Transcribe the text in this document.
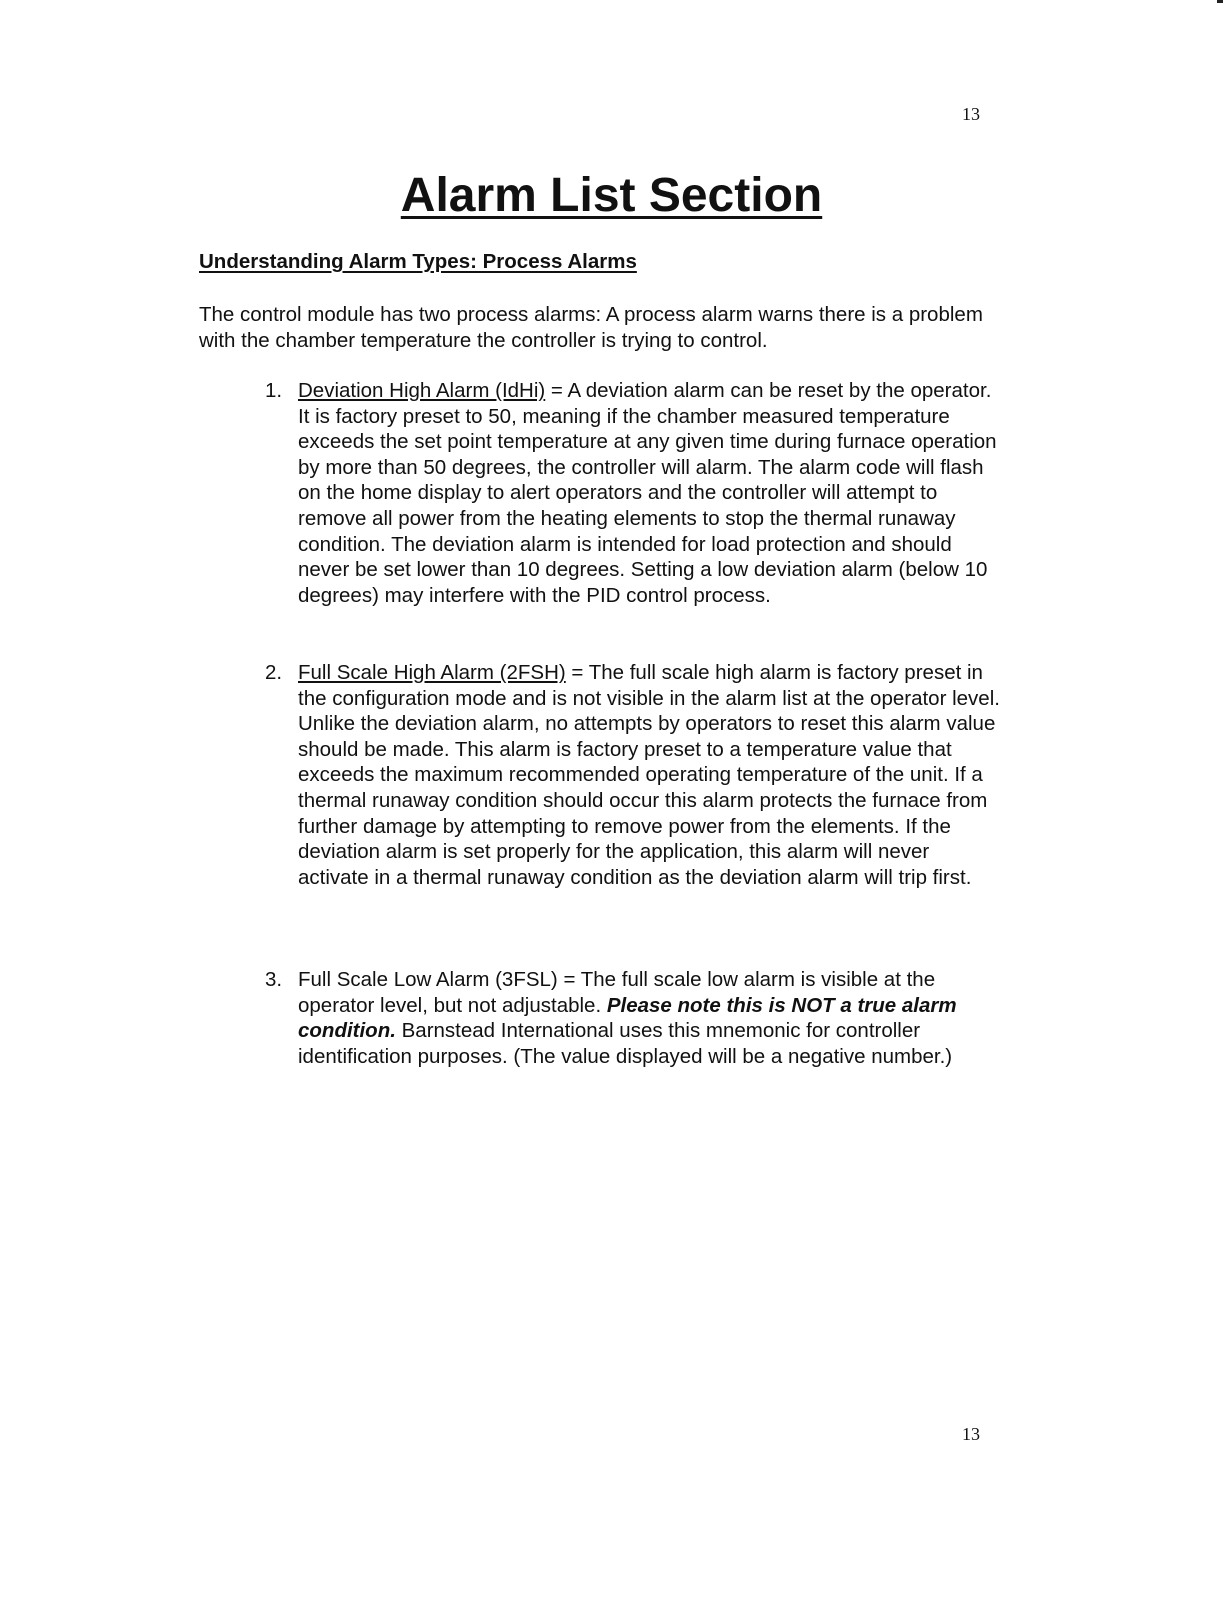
13
Alarm List Section
Understanding Alarm Types: Process Alarms

The control module has two process alarms: A process alarm warns there is a problem with the chamber temperature the controller is trying to control.

1. Deviation High Alarm (IdHi) = A deviation alarm can be reset by the operator. It is factory preset to 50, meaning if the chamber measured temperature exceeds the set point temperature at any given time during furnace operation by more than 50 degrees, the controller will alarm. The alarm code will flash on the home display to alert operators and the controller will attempt to remove all power from the heating elements to stop the thermal runaway condition. The deviation alarm is intended for load protection and should never be set lower than 10 degrees. Setting a low deviation alarm (below 10 degrees) may interfere with the PID control process.
2. Full Scale High Alarm (2FSH) = The full scale high alarm is factory preset in the configuration mode and is not visible in the alarm list at the operator level. Unlike the deviation alarm, no attempts by operators to reset this alarm value should be made. This alarm is factory preset to a temperature value that exceeds the maximum recommended operating temperature of the unit. If a thermal runaway condition should occur this alarm protects the furnace from further damage by attempting to remove power from the elements. If the deviation alarm is set properly for the application, this alarm will never activate in a thermal runaway condition as the deviation alarm will trip first.
3. Full Scale Low Alarm (3FSL) = The full scale low alarm is visible at the operator level, but not adjustable. Please note this is NOT a true alarm condition. Barnstead International uses this mnemonic for controller identification purposes. (The value displayed will be a negative number.)
13
